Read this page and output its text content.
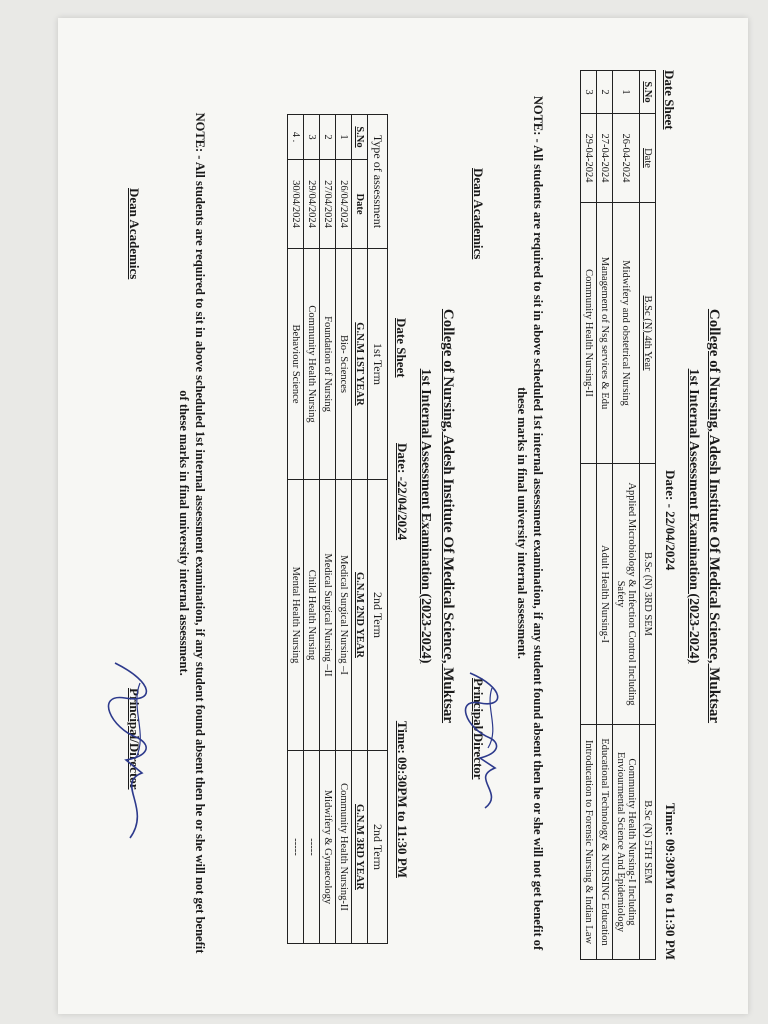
College of Nursing, Adesh Institute Of Medical Science, Muktsar
1st Internal Assessment Examination (2023-2024)
Date Sheet
Date: - 22/04/2024
Time: 09:30PM to 11:30 PM
S.No	Date	B.Sc (N) 4th Year	B.Sc (N) 3RD SEM	B.Sc (N) 5TH SEM
1	26-04-2024	Midwifery and obstetrical Nursing	Applied Microbiology & Infection Control Including Safety	Community Health Nursing-I Including Enviourmental Science And Epidemiology
2	27-04-2024	Management of Nsg services & Edu	Adult Health Nursing-I	Educational Technology & NURSING Education
3	29-04-2024	Community Health Nursing-II		Introducation to Forensic Nursing & Indian Law
NOTE: - All students are required to sit in above scheduled 1st internal assessment examination, if any student found absent then he or she will not get benefit of these marks in final university internal assessment.
Dean Academics
Principal/Director
College of Nursing, Adesh Institute Of Medical Science, Muktsar
1st Internal Assessment Examination (2023-2024)
Date Sheet
Date: -22/04/2024
Time: 09:30PM to 11:30 PM
Type of assessment		1st Term	2nd Term	2nd Term
S.No	Date	G.N.M 1ST YEAR	G.N.M 2ND YEAR	G.N.M 3RD YEAR
1	26/04/2024	Bio- Sciences	Medical Surgical Nursing –I	Community Health Nursing-II
2	27/04/2024	Foundation of Nursing	Medical Surgical Nursing –II	Midwifery & Gynaecology
3	29/04/2024	Community Health Nursing	Child Health Nursing	-----
4 .	30/04/2024	Behaviour Science	Mental Health Nursing	-----
NOTE: - All students are required to sit in above scheduled 1st internal assessment examination, if any student found absent then he or she will not get benefit of these marks in final university internal assessment.
Dean Academics
Principal/Director
